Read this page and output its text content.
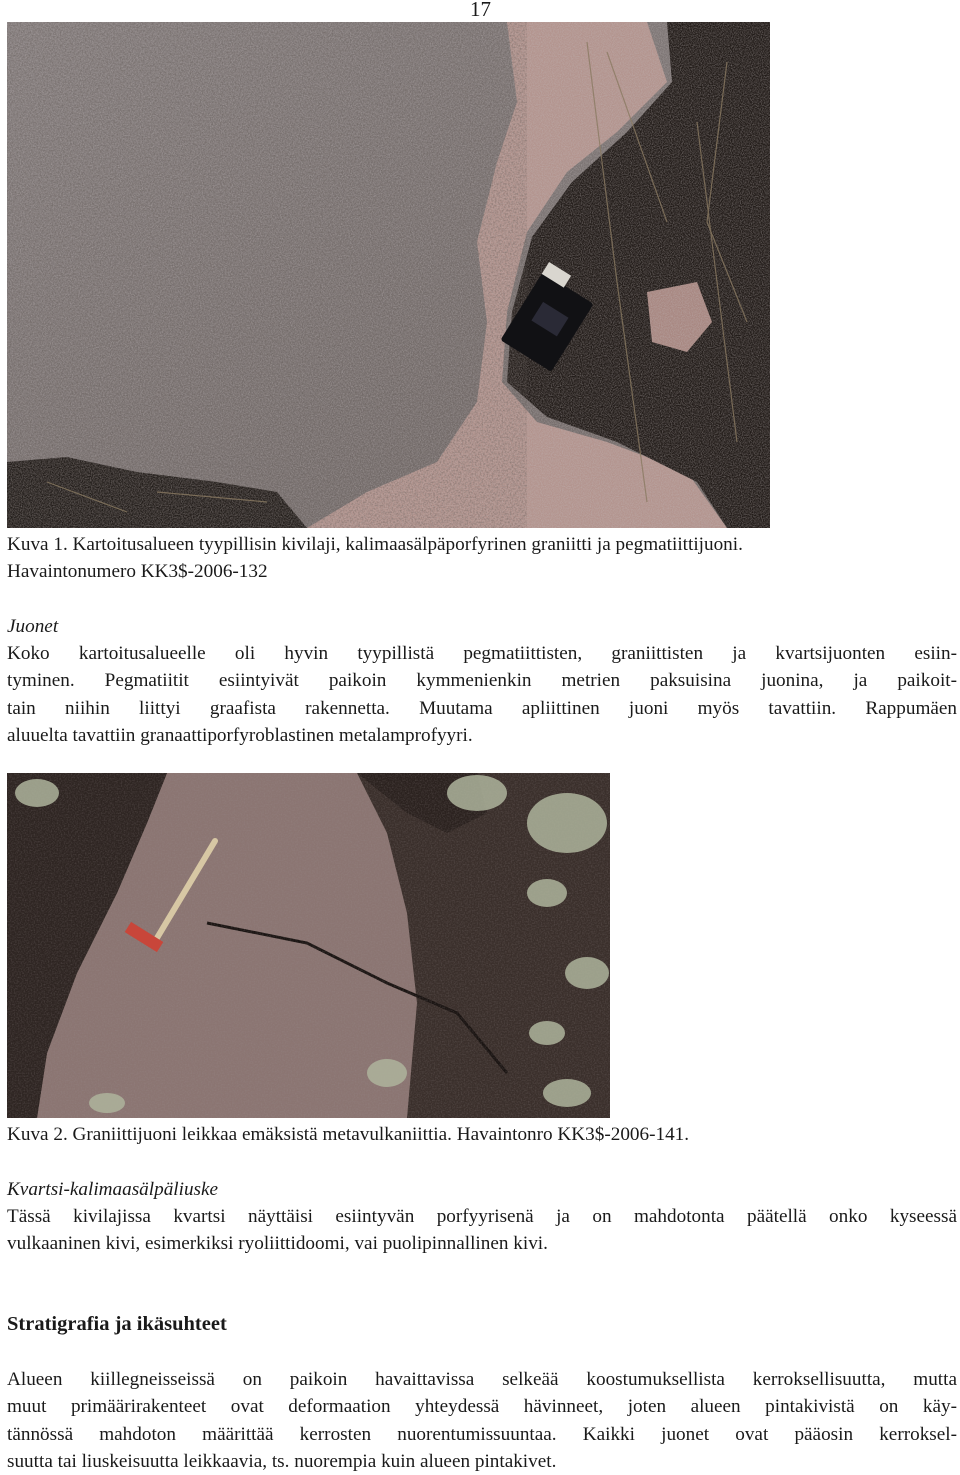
17

Kuva 1. Kartoitusalueen tyypillisin kivilaji, kalimaasälpäporfyrinen graniitti ja pegmatiittijuoni.
Havaintonumero KK3$-2006-132

Juonet

Koko kartoitusalueelle oli hyvin tyypillistä pegmatiittisten, graniittisten ja kvartsijuonten esiin-
tyminen. Pegmatiitit esiintyivät paikoin kymmenienkin metrien paksuisina juonina, ja paikoit-
tain niihin liittyi graafista rakennetta. Muutama apliittinen juoni myös tavattiin. Rappumäen
aluuelta tavattiin granaattiporfyroblastinen metalamprofyyri.

Kuva 2. Graniittijuoni leikkaa emäksistä metavulkaniittia. Havaintonro KK3$-2006-141.

Kvartsi-kalimaasälpäliuske

Tässä kivilajissa kvartsi näyttäisi esiintyvän porfyyrisenä ja on mahdotonta päätellä onko kyseessä
vulkaaninen kivi, esimerkiksi ryoliittidoomi, vai puolipinnallinen kivi.

Stratigrafia ja ikäsuhteet

Alueen kiillegneisseissä on paikoin havaittavissa selkeää koostumuksellista kerroksellisuutta, mutta
muut primäärirakenteet ovat deformaation yhteydessä hävinneet, joten alueen pintakivistä on käy-
tännössä mahdoton määrittää kerrosten nuorentumissuuntaa. Kaikki juonet ovat pääosin kerroksel-
suutta tai liuskeisuutta leikkaavia, ts. nuorempia kuin alueen pintakivet.
